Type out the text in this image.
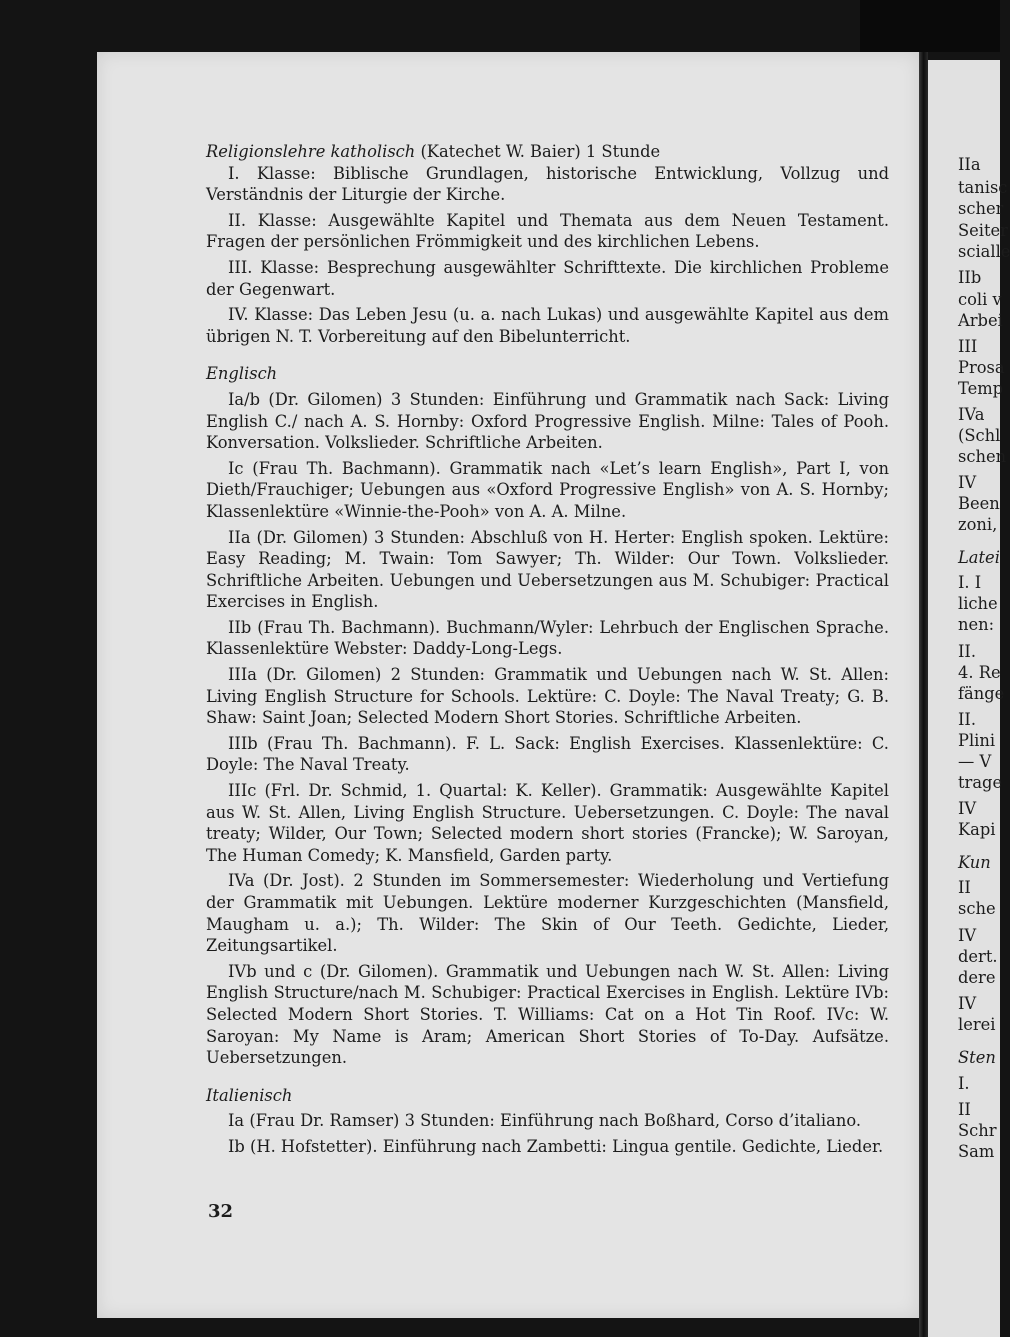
IIa
tanisc
scher
Seiter
scialle
IIb
coli v
Arbei
III
Prosa
Temp
IVa
(Schl
schen
IV
Been
zoni,
Latei
I. I
liche
nen:
II.
4. Re
fänge
II.
Plini
— V
trage
IV
Kapi
Kun
II
sche
IV
dert.
dere
IV
lerei
Sten
I.
II
Schr
Sam

Religionslehre katholisch (Katechet W. Baier) 1 Stunde

I. Klasse: Biblische Grundlagen, historische Entwicklung, Vollzug und Verständnis der Liturgie der Kirche.

II. Klasse: Ausgewählte Kapitel und Themata aus dem Neuen Testament. Fragen der persönlichen Frömmigkeit und des kirchlichen Lebens.

III. Klasse: Besprechung ausgewählter Schrifttexte. Die kirchlichen Probleme der Gegenwart.

IV. Klasse: Das Leben Jesu (u. a. nach Lukas) und ausgewählte Kapitel aus dem übrigen N. T. Vorbereitung auf den Bibelunterricht.

Englisch

Ia/b (Dr. Gilomen) 3 Stunden: Einführung und Grammatik nach Sack: Living English C./ nach A. S. Hornby: Oxford Progressive English. Milne: Tales of Pooh. Konversation. Volkslieder. Schriftliche Arbeiten.

Ic (Frau Th. Bachmann). Grammatik nach «Let’s learn English», Part I, von Dieth/Frauchiger; Uebungen aus «Oxford Progressive English» von A. S. Hornby; Klassenlektüre «Winnie-the-Pooh» von A. A. Milne.

IIa (Dr. Gilomen) 3 Stunden: Abschluß von H. Herter: English spoken. Lektüre: Easy Reading; M. Twain: Tom Sawyer; Th. Wilder: Our Town. Volkslieder. Schriftliche Arbeiten. Uebungen und Uebersetzungen aus M. Schubiger: Practical Exercises in English.

IIb (Frau Th. Bachmann). Buchmann/Wyler: Lehrbuch der Englischen Sprache. Klassenlektüre Webster: Daddy-Long-Legs.

IIIa (Dr. Gilomen) 2 Stunden: Grammatik und Uebungen nach W. St. Allen: Living English Structure for Schools. Lektüre: C. Doyle: The Naval Treaty; G. B. Shaw: Saint Joan; Selected Modern Short Stories. Schriftliche Arbeiten.

IIIb (Frau Th. Bachmann). F. L. Sack: English Exercises. Klassenlektüre: C. Doyle: The Naval Treaty.

IIIc (Frl. Dr. Schmid, 1. Quartal: K. Keller). Grammatik: Ausgewählte Kapitel aus W. St. Allen, Living English Structure. Uebersetzungen. C. Doyle: The naval treaty; Wilder, Our Town; Selected modern short stories (Francke); W. Saroyan, The Human Comedy; K. Mansfield, Garden party.

IVa (Dr. Jost). 2 Stunden im Sommersemester: Wiederholung und Vertiefung der Grammatik mit Uebungen. Lektüre moderner Kurzgeschichten (Mansfield, Maugham u. a.); Th. Wilder: The Skin of Our Teeth. Gedichte, Lieder, Zeitungsartikel.

IVb und c (Dr. Gilomen). Grammatik und Uebungen nach W. St. Allen: Living English Structure/nach M. Schubiger: Practical Exercises in English. Lektüre IVb: Selected Modern Short Stories. T. Williams: Cat on a Hot Tin Roof. IVc: W. Saroyan: My Name is Aram; American Short Stories of To-Day. Aufsätze. Uebersetzungen.

Italienisch

Ia (Frau Dr. Ramser) 3 Stunden: Einführung nach Boßhard, Corso d’italiano.

Ib (H. Hofstetter). Einführung nach Zambetti: Lingua gentile. Gedichte, Lieder.

32
